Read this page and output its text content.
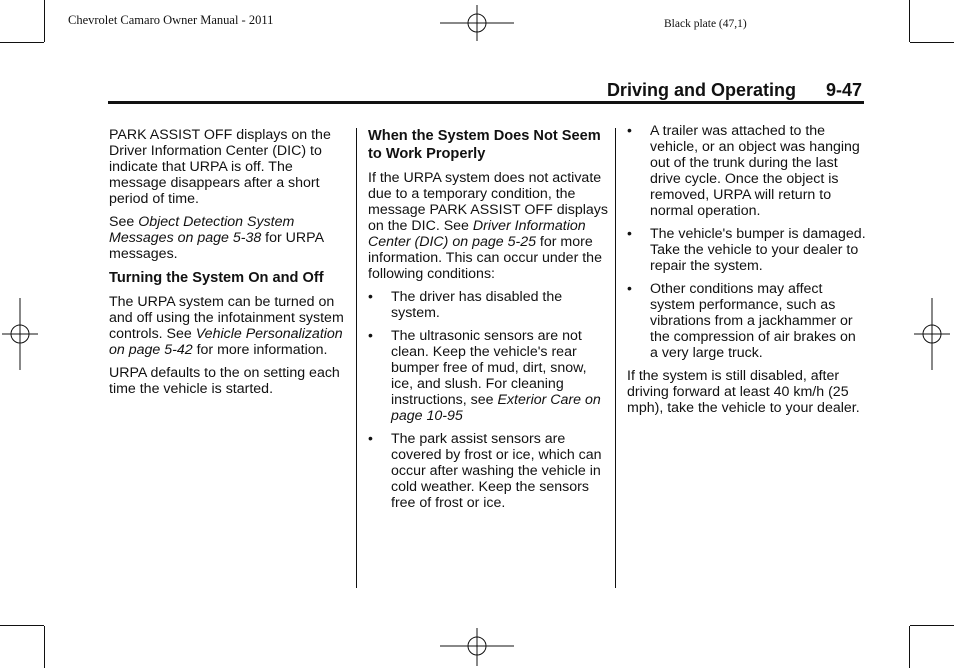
Chevrolet Camaro Owner Manual - 2011	Black plate (47,1)
Driving and Operating 9-47

PARK ASSIST OFF displays on the Driver Information Center (DIC) to indicate that URPA is off. The message disappears after a short period of time.

See Object Detection System Messages on page 5-38 for URPA messages.

Turning the System On and Off

The URPA system can be turned on and off using the infotainment system controls. See Vehicle Personalization on page 5-42 for more information.

URPA defaults to the on setting each time the vehicle is started.

When the System Does Not Seem to Work Properly

If the URPA system does not activate due to a temporary condition, the message PARK ASSIST OFF displays on the DIC. See Driver Information Center (DIC) on page 5-25 for more information. This can occur under the following conditions:

• The driver has disabled the system.
• The ultrasonic sensors are not clean. Keep the vehicle's rear bumper free of mud, dirt, snow, ice, and slush. For cleaning instructions, see Exterior Care on page 10-95
• The park assist sensors are covered by frost or ice, which can occur after washing the vehicle in cold weather. Keep the sensors free of frost or ice.
• A trailer was attached to the vehicle, or an object was hanging out of the trunk during the last drive cycle. Once the object is removed, URPA will return to normal operation.
• The vehicle's bumper is damaged. Take the vehicle to your dealer to repair the system.
• Other conditions may affect system performance, such as vibrations from a jackhammer or the compression of air brakes on a very large truck.

If the system is still disabled, after driving forward at least 40 km/h (25 mph), take the vehicle to your dealer.
